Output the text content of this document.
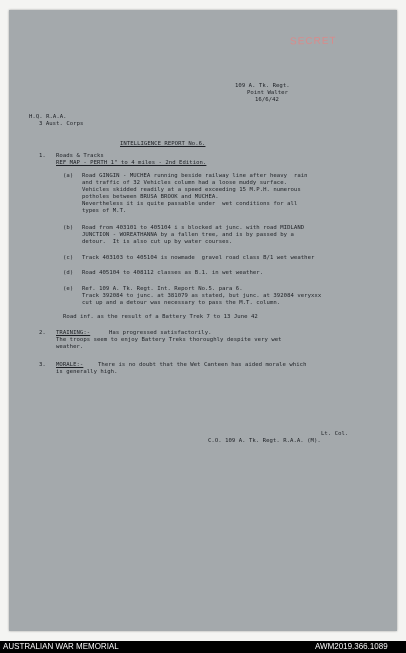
SECRET
109 A. Tk. Regt.
Point Walter
16/6/42
H.Q. R.A.A.
3 Aust. Corps
INTELLIGENCE REPORT No.6.
1. Roads & Tracks
REF MAP - PERTH 1" to 4 miles - 2nd Edition.
(a) Road GINGIN - MUCHEA running beside railway line after heavy  rain
and traffic of 32 Vehicles column had a loose muddy surface.
Vehicles skidded readily at a speed exceeding 15 M.P.H. numerous
potholes between BRUSA BROOK and MUCHEA.
Nevertheless it is quite passable under  wet conditions for all
types of M.T.
(b) Road from 403101 to 405104 i s blocked at junc. with road MIDLAND
JUNCTION - WOREATHANNA by a fallen tree, and is by passed by a
detour.  It is also cut up by water courses.
(c) Track 403103 to 405104 is nowmade  gravel road class B/1 wet weather
(d) Road 405104 to 408112 classes as B.1. in wet weather.
(e) Ref. 109 A. Tk. Regt. Int. Report No.5. para 6.
Track 392084 to junc. at 381079 as stated, but junc. at 392084 veryxxx
cut up and a detour was necessary to pass the M.T. column.
Road inf. as the result of a Battery Trek 7 to 13 June 42
2. TRAINING:-	Has progressed satisfactorily.
The troops seem to enjoy Battery Treks thoroughly despite very wet
weather.
3. MORALE:-	There is no doubt that the Wet Canteen has aided morale which
is generally high.
Lt. Col.
C.O. 109 A. Tk. Regt. R.A.A. (M).
AUSTRALIAN WAR MEMORIAL	AWM2019.366.1089
